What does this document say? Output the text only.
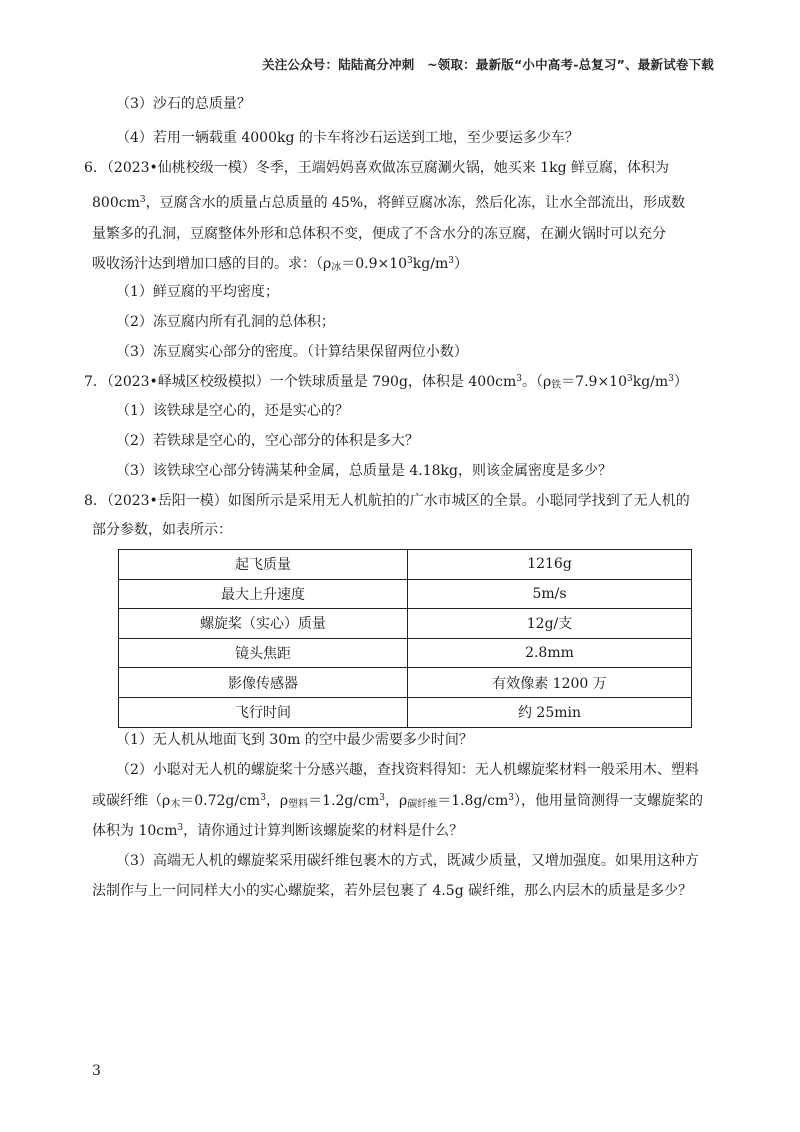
关注公众号：陆陆高分冲刺　~领取：最新版“小中高考-总复习”、最新试卷下载
（3）沙石的总质量？
（4）若用一辆载重 4000kg 的卡车将沙石运送到工地，至少要运多少车？
6．（2023•仙桃校级一模）冬季，王端妈妈喜欢做冻豆腐涮火锅，她买来 1kg 鲜豆腐，体积为
$800cm^3$，豆腐含水的质量占总质量的 45%，将鲜豆腐冰冻，然后化冻，让水全部流出，形成数
量繁多的孔洞，豆腐整体外形和总体积不变，便成了不含水分的冻豆腐，在涮火锅时可以充分
吸收汤汁达到增加口感的目的。求：$(\rho_冰=0.9\times 10^3kg/m^3)$
（1）鲜豆腐的平均密度；
（2）冻豆腐内所有孔洞的总体积；
（3）冻豆腐实心部分的密度。（计算结果保留两位小数）
7．（2023•峄城区校级模拟）一个铁球质量是 790g，体积是 $400cm^3$。$(\rho_铁=7.9\times 10^3kg/m^3)$
（1）该铁球是空心的，还是实心的？
（2）若铁球是空心的，空心部分的体积是多大？
（3）该铁球空心部分铸满某种金属，总质量是 4.18kg，则该金属密度是多少？
8．（2023•岳阳一模）如图所示是采用无人机航拍的广水市城区的全景。小聪同学找到了无人机的
部分参数，如表所示：
起飞质量	1216g
最大上升速度	5m/s
螺旋桨（实心）质量	12g/支
镜头焦距	2.8mm
影像传感器	有效像素 1200 万
飞行时间	约 25min
（1）无人机从地面飞到 30m 的空中最少需要多少时间？
（2）小聪对无人机的螺旋桨十分感兴趣，查找资料得知：无人机螺旋桨材料一般采用木、塑料
或碳纤维（$\rho_木=0.72g/cm^3$，$\rho_{塑料}=1.2g/cm^3$，$\rho_{碳纤维}=1.8g/cm^3$），他用量筒测得一支螺旋桨的
体积为 $10cm^3$，请你通过计算判断该螺旋桨的材料是什么？
（3）高端无人机的螺旋桨采用碳纤维包裹木的方式，既减少质量，又增加强度。如果用这种方
法制作与上一问同样大小的实心螺旋桨，若外层包裹了 4.5g 碳纤维，那么内层木的质量是多少？
3
